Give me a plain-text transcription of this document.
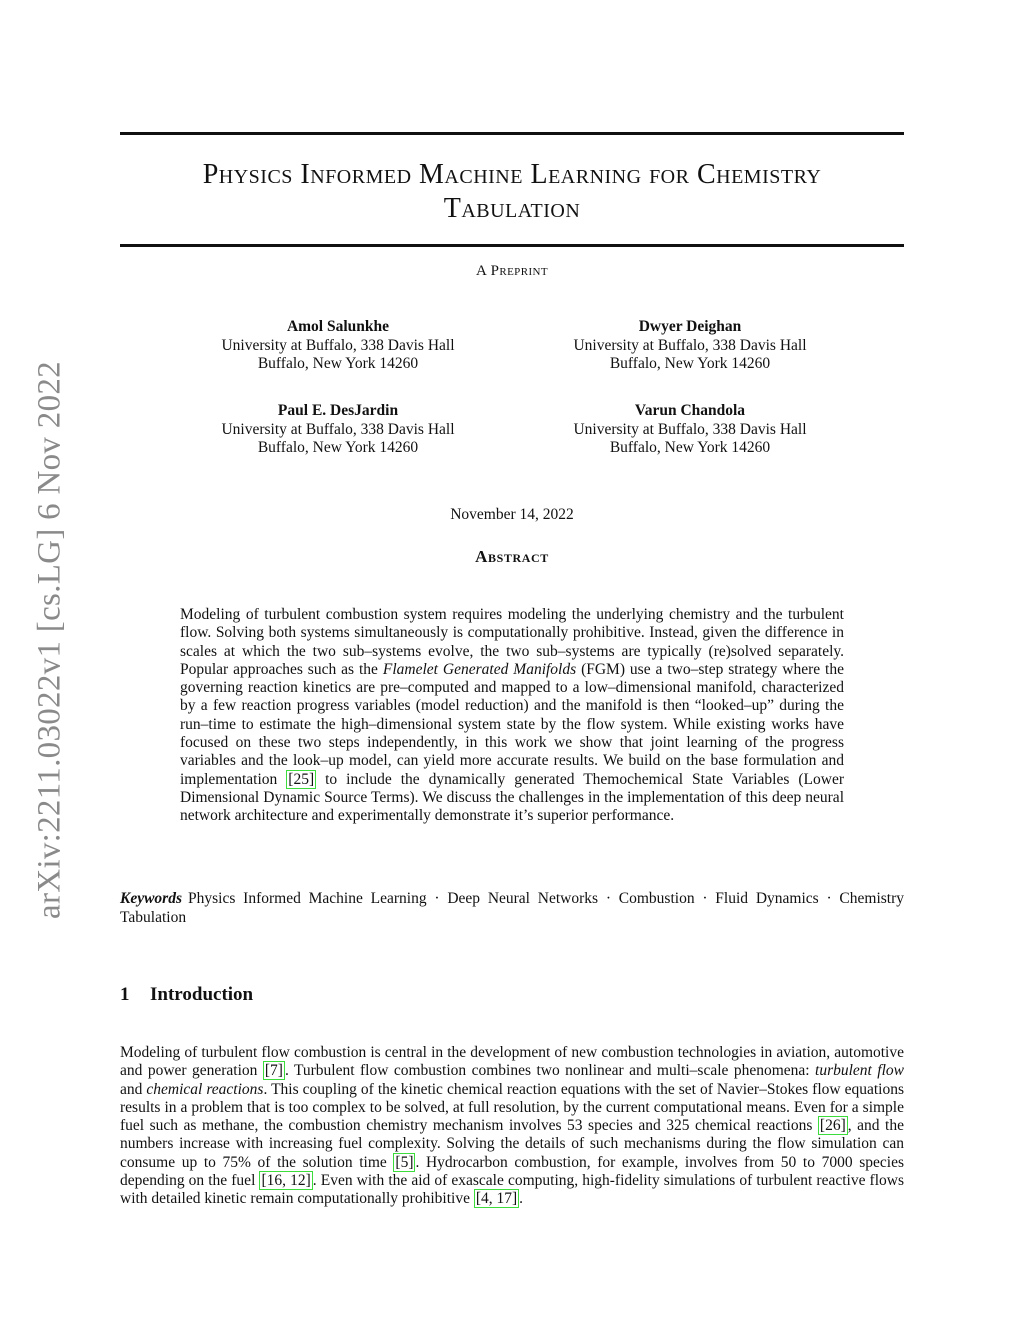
arXiv:2211.03022v1 [cs.LG] 6 Nov 2022
Physics Informed Machine Learning for Chemistry
Tabulation
A Preprint
Amol Salunkhe
University at Buffalo, 338 Davis Hall
Buffalo, New York 14260
Dwyer Deighan
University at Buffalo, 338 Davis Hall
Buffalo, New York 14260
Paul E. DesJardin
University at Buffalo, 338 Davis Hall
Buffalo, New York 14260
Varun Chandola
University at Buffalo, 338 Davis Hall
Buffalo, New York 14260
November 14, 2022
Abstract

Modeling of turbulent combustion system requires modeling the underlying chemistry and the turbulent flow. Solving both systems simultaneously is computationally prohibitive. Instead, given the difference in scales at which the two sub–systems evolve, the two sub–systems are typically (re)solved separately. Popular approaches such as the Flamelet Generated Manifolds (FGM) use a two–step strategy where the governing reaction kinetics are pre–computed and mapped to a low–dimensional manifold, characterized by a few reaction progress variables (model reduction) and the manifold is then “looked–up” during the run–time to estimate the high–dimensional system state by the flow system. While existing works have focused on these two steps independently, in this work we show that joint learning of the progress variables and the look–up model, can yield more accurate results. We build on the base formulation and implementation [25] to include the dynamically generated Themochemical State Variables (Lower Dimensional Dynamic Source Terms). We discuss the challenges in the implementation of this deep neural network architecture and experimentally demonstrate it’s superior performance.

Keywords Physics Informed Machine Learning · Deep Neural Networks · Combustion · Fluid Dynamics · Chemistry Tabulation

1 Introduction

Modeling of turbulent flow combustion is central in the development of new combustion technologies in aviation, automotive and power generation [7] . Turbulent flow combustion combines two nonlinear and multi–scale phenomena: turbulent flow and chemical reactions. This coupling of the kinetic chemical reaction equations with the set of Navier–Stokes flow equations results in a problem that is too complex to be solved, at full resolution, by the current computational means. Even for a simple fuel such as methane, the combustion chemistry mechanism involves 53 species and 325 chemical reactions [26] , and the numbers increase with increasing fuel complexity. Solving the details of such mechanisms during the flow simulation can consume up to 75% of the solution time [5] . Hydrocarbon combustion, for example, involves from 50 to 7000 species depending on the fuel [16, 12] . Even with the aid of exascale computing, high-fidelity simulations of turbulent reactive flows with detailed kinetic remain computationally prohibitive [4, 17] .
